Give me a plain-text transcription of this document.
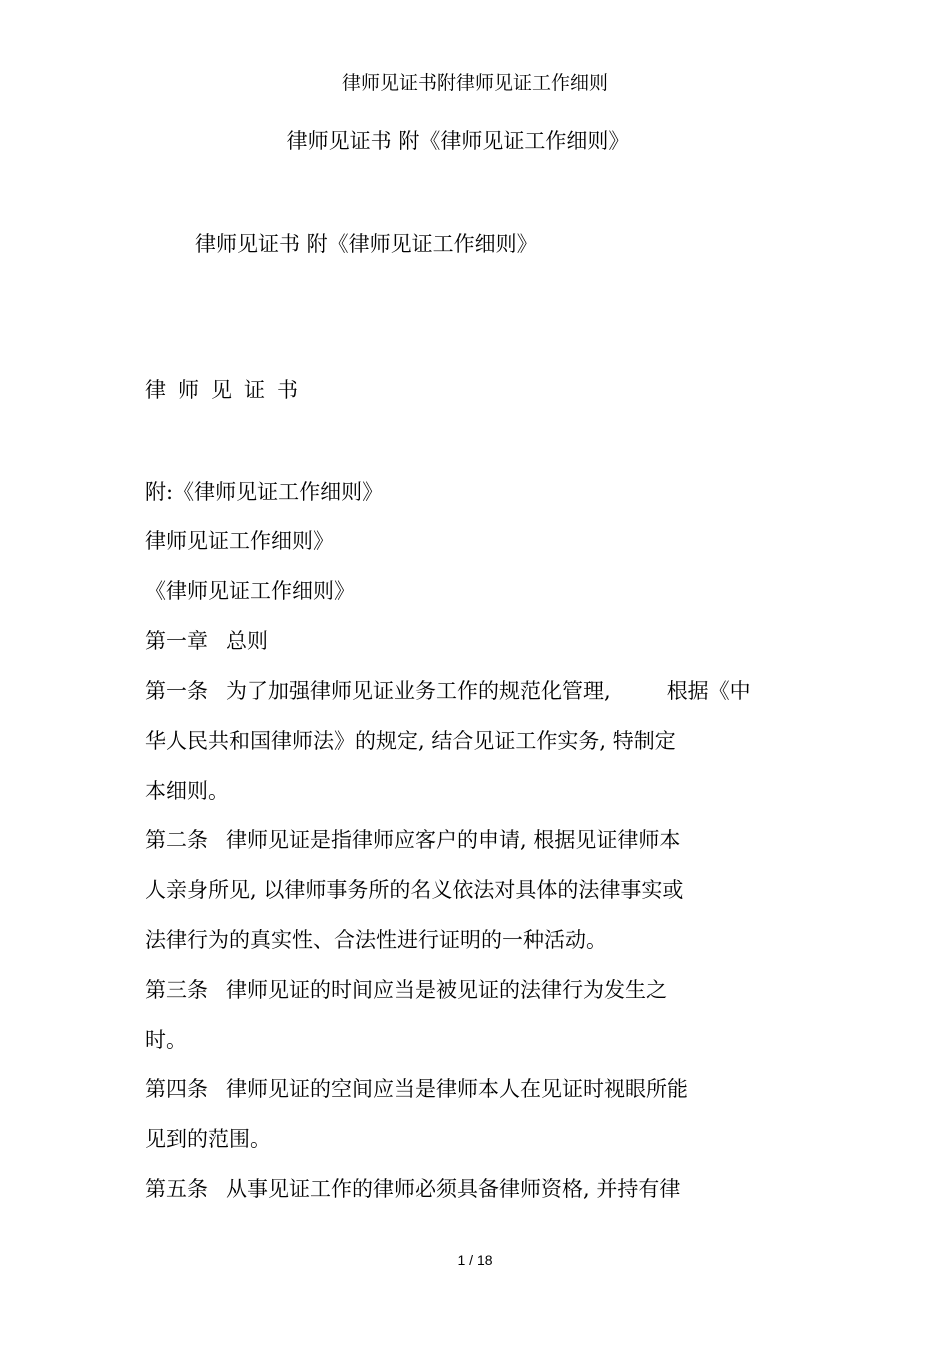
律师见证书附律师见证工作细则
律师见证书 附《律师见证工作细则》
律师见证书 附《律师见证工作细则》
律师见证书
附:《律师见证工作细则》
律师见证工作细则》
《律师见证工作细则》
第一章 总则
第一条 为了加强律师见证业务工作的规范化管理,	根据《中
华人民共和国律师法》的规定, 结合见证工作实务, 特制定
本细则。
第二条 律师见证是指律师应客户的申请, 根据见证律师本
人亲身所见, 以律师事务所的名义依法对具体的法律事实或
法律行为的真实性、合法性进行证明的一种活动。
第三条 律师见证的时间应当是被见证的法律行为发生之
时。
第四条 律师见证的空间应当是律师本人在见证时视眼所能
见到的范围。
第五条 从事见证工作的律师必须具备律师资格, 并持有律
1 / 18
